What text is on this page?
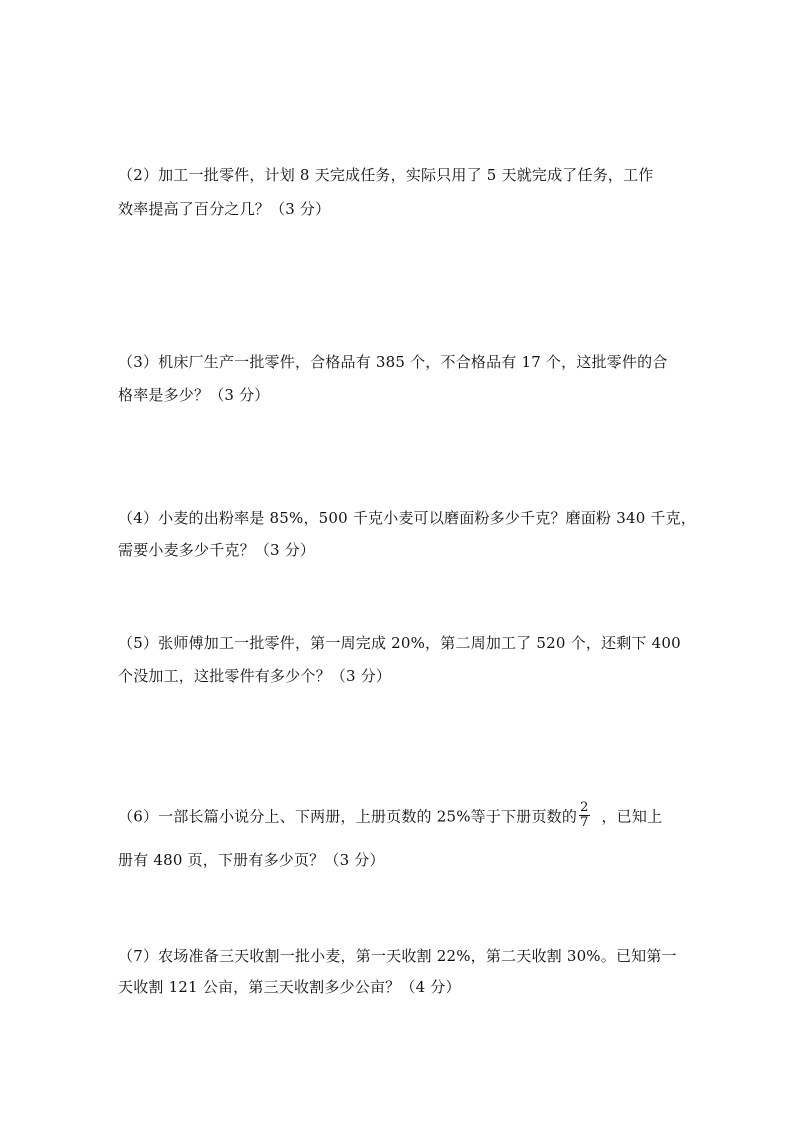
（2）加工一批零件，计划 8 天完成任务，实际只用了 5 天就完成了任务，工作
效率提高了百分之几？（3 分）
（3）机床厂生产一批零件，合格品有 385 个，不合格品有 17 个，这批零件的合
格率是多少？（3 分）
（4）小麦的出粉率是 85%，500 千克小麦可以磨面粉多少千克？磨面粉 340 千克，
需要小麦多少千克？（3 分）
（5）张师傅加工一批零件，第一周完成 20%，第二周加工了 520 个，还剩下 400
个没加工，这批零件有多少个？（3 分）
（6）一部长篇小说分上、下两册，上册页数的 25%等于下册页数的 $\frac{2}{7}$ ，已知上
册有 480 页，下册有多少页？（3 分）
（7）农场准备三天收割一批小麦，第一天收割 22%，第二天收割 30%。已知第一
天收割 121 公亩，第三天收割多少公亩？（4 分）
